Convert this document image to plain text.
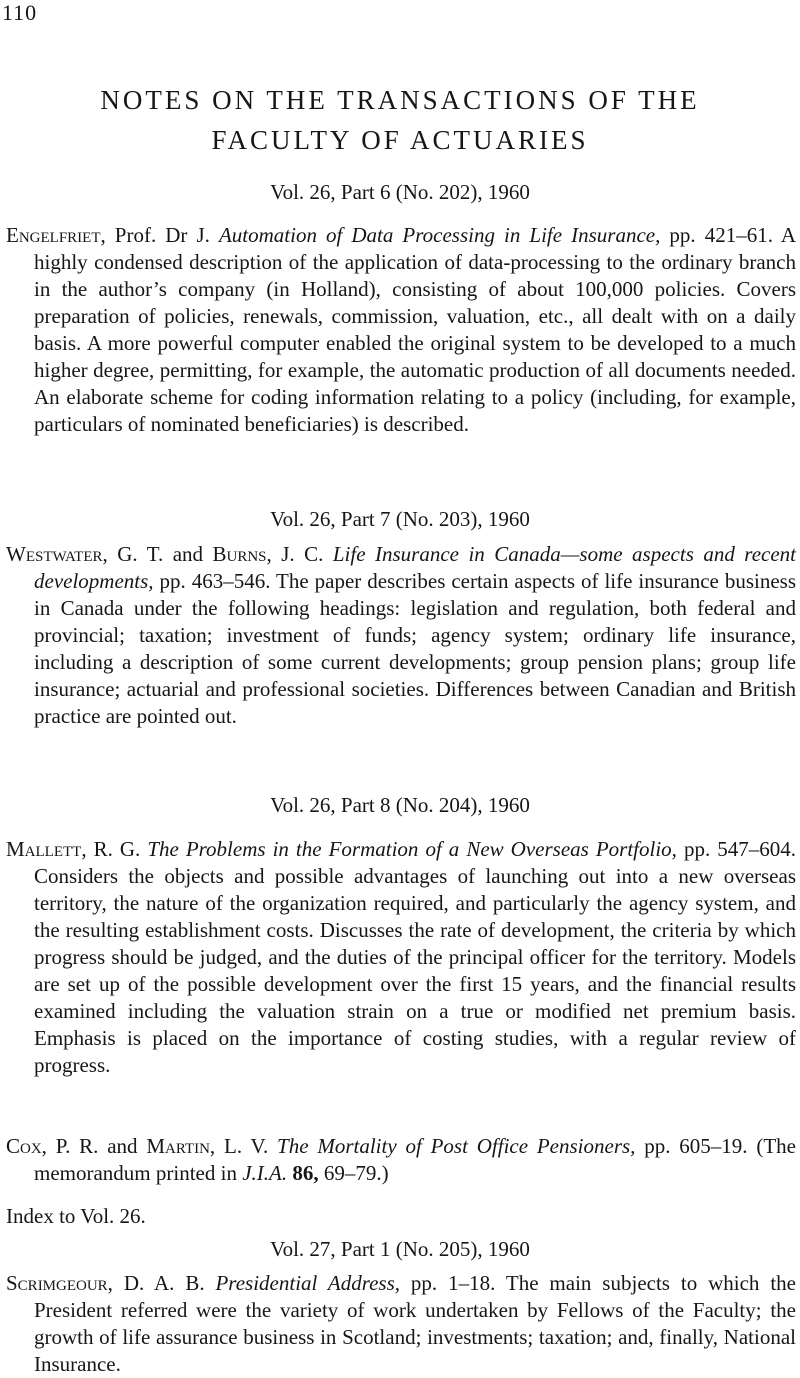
110
NOTES ON THE TRANSACTIONS OF THE
FACULTY OF ACTUARIES
Vol. 26, Part 6 (No. 202), 1960
Engelfriet, Prof. Dr J. Automation of Data Processing in Life Insurance, pp. 421–61. A highly condensed description of the application of data-processing to the ordinary branch in the author’s company (in Holland), consisting of about 100,000 policies. Covers preparation of policies, renewals, commission, valuation, etc., all dealt with on a daily basis. A more powerful computer enabled the original system to be developed to a much higher degree, permitting, for example, the automatic production of all documents needed. An elaborate scheme for coding information relating to a policy (including, for example, particulars of nominated beneficiaries) is described.
Vol. 26, Part 7 (No. 203), 1960
Westwater, G. T. and Burns, J. C. Life Insurance in Canada—some aspects and recent developments, pp. 463–546. The paper describes certain aspects of life insurance business in Canada under the following headings: legislation and regulation, both federal and provincial; taxation; investment of funds; agency system; ordinary life insurance, including a description of some current developments; group pension plans; group life insurance; actuarial and professional societies. Differences between Canadian and British practice are pointed out.
Vol. 26, Part 8 (No. 204), 1960
Mallett, R. G. The Problems in the Formation of a New Overseas Portfolio, pp. 547–604. Considers the objects and possible advantages of launching out into a new overseas territory, the nature of the organization required, and particularly the agency system, and the resulting establishment costs. Discusses the rate of development, the criteria by which progress should be judged, and the duties of the principal officer for the territory. Models are set up of the possible development over the first 15 years, and the financial results examined including the valuation strain on a true or modified net premium basis. Emphasis is placed on the importance of costing studies, with a regular review of progress.
Cox, P. R. and Martin, L. V. The Mortality of Post Office Pensioners, pp. 605–19. (The memorandum printed in J.I.A. 86, 69–79.)
Index to Vol. 26.
Vol. 27, Part 1 (No. 205), 1960
Scrimgeour, D. A. B. Presidential Address, pp. 1–18. The main subjects to which the President referred were the variety of work undertaken by Fellows of the Faculty; the growth of life assurance business in Scotland; investments; taxation; and, finally, National Insurance.
